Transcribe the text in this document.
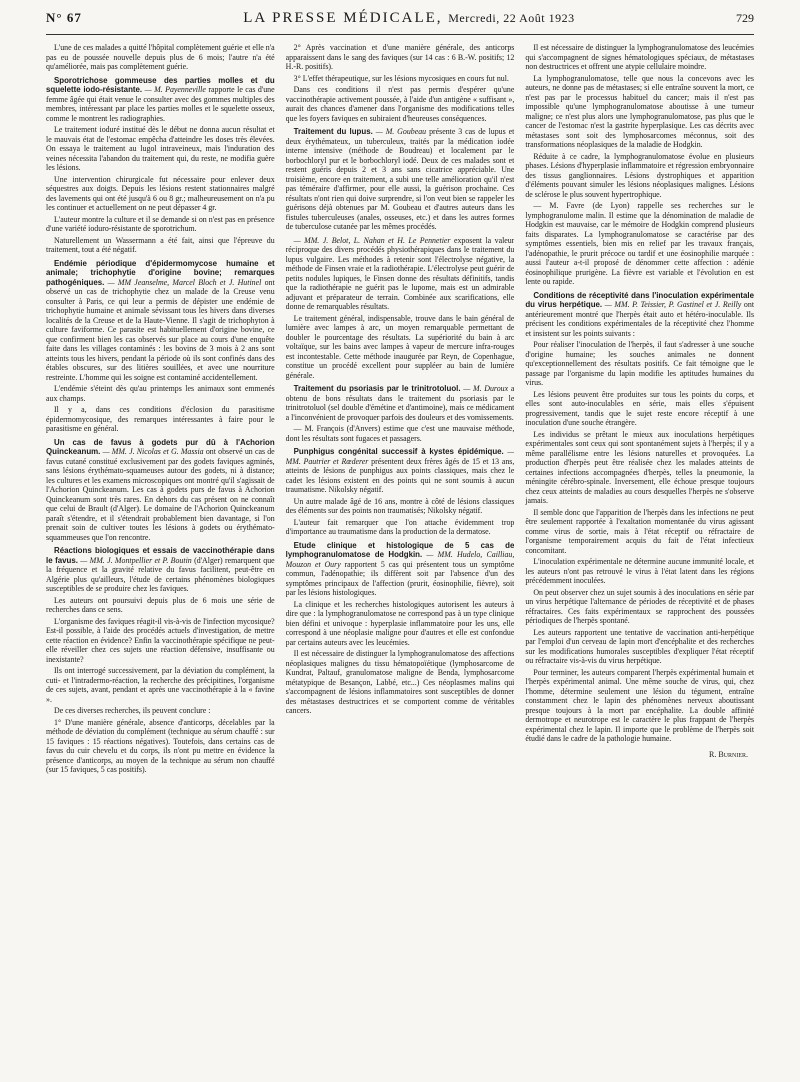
N° 67	LA PRESSE MÉDICALE, Mercredi, 22 Août 1923	729

L'une de ces malades a quitté l'hôpital complètement guérie et elle n'a pas eu de poussée nouvelle depuis plus de 6 mois; l'autre n'a été qu'améliorée, mais pas complètement guérie.

Sporotrichose gommeuse des parties molles et du squelette iodo-résistante. — M. Payenneville rapporte le cas d'une femme âgée qui était venue le consulter avec des gommes multiples des membres, intéressant par place les parties molles et le squelette osseux, comme le montrent les radiographies.

Le traitement ioduré institué dès le début ne donna aucun résultat et le mauvais état de l'estomac empêcha d'atteindre les doses très élevées. On essaya le traitement au lugol intraveineux, mais l'induration des veines nécessita l'abandon du traitement qui, du reste, ne modifia guère les lésions.

Une intervention chirurgicale fut nécessaire pour enlever deux séquestres aux doigts. Depuis les lésions restent stationnaires malgré des lavements qui ont été jusqu'à 6 ou 8 gr.; malheureusement on n'a pu les continuer et actuellement on ne peut dépasser 4 gr.

L'auteur montre la culture et il se demande si on n'est pas en présence d'une variété ioduro-résistante de sporotrichum.

Naturellement un Wassermann a été fait, ainsi que l'épreuve du traitement, tout a été négatif.

Endémie périodique d'épidermomycose humaine et animale; trichophytie d'origine bovine; remarques pathogéniques. — MM Jeanselme, Marcel Bloch et J. Hutinel ont observé un cas de trichophytie chez un malade de la Creuse venu consulter à Paris, ce qui leur a permis de dépister une endémie de trichophytie humaine et animale sévissant tous les hivers dans diverses localités de la Creuse et de la Haute-Vienne. Il s'agit de trichophyton à culture faviforme. Ce parasite est habituellement d'origine bovine, ce que confirment bien les cas observés sur place au cours d'une enquête faite dans les villages contaminés : les bovins de 3 mois à 2 ans sont atteints tous les hivers, pendant la période où ils sont confinés dans des étables obscures, sur des litières souillées, et avec une nourriture restreinte. L'homme qui les soigne est contaminé accidentellement.

L'endémie s'éteint dès qu'au printemps les animaux sont emmenés aux champs.

Il y a, dans ces conditions d'éclosion du parasitisme épidermomycosique, des remarques intéressantes à faire pour le parasitisme en général.

Un cas de favus à godets pur dû à l'Achorion Quinckeanum. — MM. J. Nicolas et G. Massia ont observé un cas de favus cutané constitué exclusivement par des godets faviques agminés, sans lésions érythémato-squameuses autour des godets, ni à distance; les cultures et les examens microscopiques ont montré qu'il s'agissait de l'Achorion Quinckeanum. Les cas à godets purs de favus à Achorion Quinckeanum sont très rares. En dehors du cas présent on ne connaît que celui de Brault (d'Alger). Le domaine de l'Achorion Quinckeanum paraît s'étendre, et il s'étendrait probablement bien davantage, si l'on prenait soin de cultiver toutes les lésions à godets ou érythémato-squammeuses que l'on rencontre.

Réactions biologiques et essais de vaccinothérapie dans le favus. — MM. J. Montpellier et P. Boutin (d'Alger) remarquent que la fréquence et la gravité relative du favus facilitent, peut-être en Algérie plus qu'ailleurs, l'étude de certains phénomènes biologiques susceptibles de se produire chez les faviques.

Les auteurs ont poursuivi depuis plus de 6 mois une série de recherches dans ce sens.

L'organisme des faviques réagit-il vis-à-vis de l'infection mycosique? Est-il possible, à l'aide des procédés actuels d'investigation, de mettre cette réaction en évidence? Enfin la vaccinothérapie spécifique ne peut-elle réveiller chez ces sujets une réaction défensive, insuffisante ou inexistante?

Ils ont interrogé successivement, par la déviation du complément, la cuti- et l'intradermo-réaction, la recherche des précipitines, l'organisme de ces sujets, avant, pendant et après une vaccinothérapie à la « favine ».

De ces diverses recherches, ils peuvent conclure :

1° D'une manière générale, absence d'anticorps, décelables par la méthode de déviation du complément (technique au sérum chauffé : sur 15 faviques : 15 réactions négatives). Toutefois, dans certains cas de favus du cuir chevelu et du corps, ils n'ont pu mettre en évidence la présence d'anticorps, au moyen de la technique au sérum non chauffé (sur 15 faviques, 5 cas positifs).

2° Après vaccination et d'une manière générale, des anticorps apparaissent dans le sang des faviques (sur 14 cas : 6 B.-W. positifs; 12 H.-R. positifs).

3° L'effet thérapeutique, sur les lésions mycosiques en cours fut nul.

Dans ces conditions il n'est pas permis d'espérer qu'une vaccinothérapie activement poussée, à l'aide d'un antigène « suffisant », aurait des chances d'amener dans l'organisme des modifications telles que les foyers faviques en subiraient d'heureuses conséquences.

Traitement du lupus. — M. Goubeau présente 3 cas de lupus et deux érythémateux, un tuberculeux, traités par la médication iodée interne intensive (méthode de Boudreau) et localement par le borbochloryl pur et le borbochloryl iodé. Deux de ces malades sont et restent guéris depuis 2 et 3 ans sans cicatrice appréciable. Une troisième, encore en traitement, a subi une telle amélioration qu'il n'est pas téméraire d'affirmer, pour elle aussi, la guérison prochaine. Ces résultats n'ont rien qui doive surprendre, si l'on veut bien se rappeler les guérisons déjà obtenues par M. Goubeau et d'autres auteurs dans les fistules tuberculeuses (anales, osseuses, etc.) et dans les autres formes de tuberculose cutanée par les mêmes procédés.

— MM. J. Belot, L. Nahan et H. Le Pennetier exposent la valeur réciproque des divers procédés physiothérapiques dans le traitement du lupus vulgaire. Les méthodes à retenir sont l'électrolyse négative, la méthode de Finsen vraie et la radiothérapie. L'électrolyse peut guérir de petits nodules lupiques, le Finsen donne des résultats définitifs, tandis que la radiothérapie ne guérit pas le lupome, mais est un admirable adjuvant et préparateur de terrain. Combinée aux scarifications, elle donne de remarquables résultats.

Le traitement général, indispensable, trouve dans le bain général de lumière avec lampes à arc, un moyen remarquable permettant de doubler le pourcentage des résultats. La supériorité du bain à arc voltaïque, sur les bains avec lampes à vapeur de mercure infra-rouges est incontestable. Cette méthode inaugurée par Reyn, de Copenhague, constitue un procédé excellent pour suppléer au bain de lumière générale.

Traitement du psoriasis par le trinitrotoluol. — M. Duroux a obtenu de bons résultats dans le traitement du psoriasis par le trinitrotoluol (sel double d'émétine et d'antimoine), mais ce médicament a l'inconvénient de provoquer parfois des douleurs et des vomissements.

— M. François (d'Anvers) estime que c'est une mauvaise méthode, dont les résultats sont fugaces et passagers.

Punphigus congénital successif à kystes épidémique. — MM. Pautrier et Rœderer présentent deux frères âgés de 15 et 13 ans, atteints de lésions de punphigus aux points classiques, mais chez le cadet les lésions existent en des points qui ne sont soumis à aucun traumatisme. Nikolsky négatif.

Un autre malade âgé de 16 ans, montre à côté de lésions classiques des éléments sur des points non traumatisés; Nikolsky négatif.

L'auteur fait remarquer que l'on attache évidemment trop d'importance au traumatisme dans la production de la dermatose.

Etude clinique et histologique de 5 cas de lymphogranulomatose de Hodgkin. — MM. Hudelo, Cailliau, Mouzon et Oury rapportent 5 cas qui présentent tous un symptôme commun, l'adénopathie; ils diffèrent soit par l'absence d'un des symptômes principaux de l'affection (prurit, éosinophilie, fièvre), soit par les lésions histologiques.

La clinique et les recherches histologiques autorisent les auteurs à dire que : la lymphogranulomatose ne correspond pas à un type clinique bien défini et univoque : hyperplasie inflammatoire pour les uns, elle correspond à une néoplasie maligne pour d'autres et elle est confondue par certains auteurs avec les leucémies.

Il est nécessaire de distinguer la lymphogranulomatose des affections néoplasiques malignes du tissu hématopoïétique (lymphosarcome de Kundrat, Paltauf, granulomatose maligne de Benda, lymphosarcome métatypique de Besançon, Labbé, etc...) Ces néoplasmes malins qui s'accompagnent de lésions inflammatoires sont susceptibles de donner des métastases destructrices et se comportent comme de véritables cancers.

Il est nécessaire de distinguer la lymphogranulomatose des leucémies qui s'accompagnent de signes hématologiques spéciaux, de métastases non destructrices et offrent une atypie cellulaire moindre.

La lymphogranulomatose, telle que nous la concevons avec les auteurs, ne donne pas de métastases; si elle entraîne souvent la mort, ce n'est pas par le processus habituel du cancer; mais il n'est pas impossible qu'une lymphogranulomatose aboutisse à une tumeur maligne; ce n'est plus alors une lymphogranulomatose, pas plus que le cancer de l'estomac n'est la gastrite hyperplasique. Les cas décrits avec métastases sont soit des lymphosarcomes méconnus, soit des transformations néoplasiques de la maladie de Hodgkin.

Réduite à ce cadre, la lymphogranulomatose évolue en plusieurs phases. Lésions d'hyperplasie inflammatoire et régression embryonnaire des tissus ganglionnaires. Lésions dystrophiques et apparition d'éléments pouvant simuler les lésions néoplasiques malignes. Lésions de sclérose le plus souvent hypertrophique.

— M. Favre (de Lyon) rappelle ses recherches sur le lymphogranulome malin. Il estime que la dénomination de maladie de Hodgkin est mauvaise, car le mémoire de Hodgkin comprend plusieurs faits disparates. La lymphogranulomatose se caractérise par des symptômes essentiels, bien mis en relief par les travaux français, l'adénopathie, le prurit précoce ou tardif et une éosinophilie marquée : aussi l'auteur a-t-il proposé de dénommer cette affection : adénie éosinophilique prurigène. La fièvre est variable et l'évolution en est lente ou rapide.

Conditions de réceptivité dans l'inoculation expérimentale du virus herpétique. — MM. P. Teissier, P. Gastinel et J. Reilly ont antérieurement montré que l'herpès était auto et hétéro-inoculable. Ils précisent les conditions expérimentales de la réceptivité chez l'homme et insistent sur les points suivants :

Pour réaliser l'inoculation de l'herpès, il faut s'adresser à une souche d'origine humaine; les souches animales ne donnent qu'exceptionnellement des résultats positifs. Ce fait témoigne que le passage par l'organisme du lapin modifie les aptitudes humaines du virus.

Les lésions peuvent être produites sur tous les points du corps, et elles sont auto-inoculables en série, mais elles s'épuisent progressivement, tandis que le sujet reste encore réceptif à une inoculation d'une souche étrangère.

Les individus se prêtant le mieux aux inoculations herpétiques expérimentales sont ceux qui sont spontanément sujets à l'herpès; il y a même parallélisme entre les lésions naturelles et provoquées. La production d'herpès peut être réalisée chez les malades atteints de certaines infections accompagnées d'herpès, telles la pneumonie, la méningite cérébro-spinale. Inversement, elle échoue presque toujours chez ceux atteints de maladies au cours desquelles l'herpès ne s'observe jamais.

Il semble donc que l'apparition de l'herpès dans les infections ne peut être seulement rapportée à l'exaltation momentanée du virus agissant comme virus de sortie, mais à l'état réceptif ou réfractaire de l'organisme temporairement acquis du fait de l'état infectieux concomitant.

L'inoculation expérimentale ne détermine aucune immunité locale, et les auteurs n'ont pas retrouvé le virus à l'état latent dans les régions précédemment inoculées.

On peut observer chez un sujet soumis à des inoculations en série par un virus herpétique l'alternance de périodes de réceptivité et de phases réfractaires. Ces faits expérimentaux se rapprochent des poussées périodiques de l'herpès spontané.

Les auteurs rapportent une tentative de vaccination anti-herpétique par l'emploi d'un cerveau de lapin mort d'encéphalite et des recherches sur les modifications humorales susceptibles d'expliquer l'état réceptif ou réfractaire vis-à-vis du virus herpétique.

Pour terminer, les auteurs comparent l'herpès expérimental humain et l'herpès expérimental animal. Une même souche de virus, qui, chez l'homme, détermine seulement une lésion du tégument, entraîne constamment chez le lapin des phénomènes nerveux aboutissant presque toujours à la mort par encéphalite. La double affinité dermotrope et neurotrope est le caractère le plus frappant de l'herpès expérimental chez le lapin. Il importe que le problème de l'herpès soit étudié dans le cadre de la pathologie humaine.

R. Burnier.
